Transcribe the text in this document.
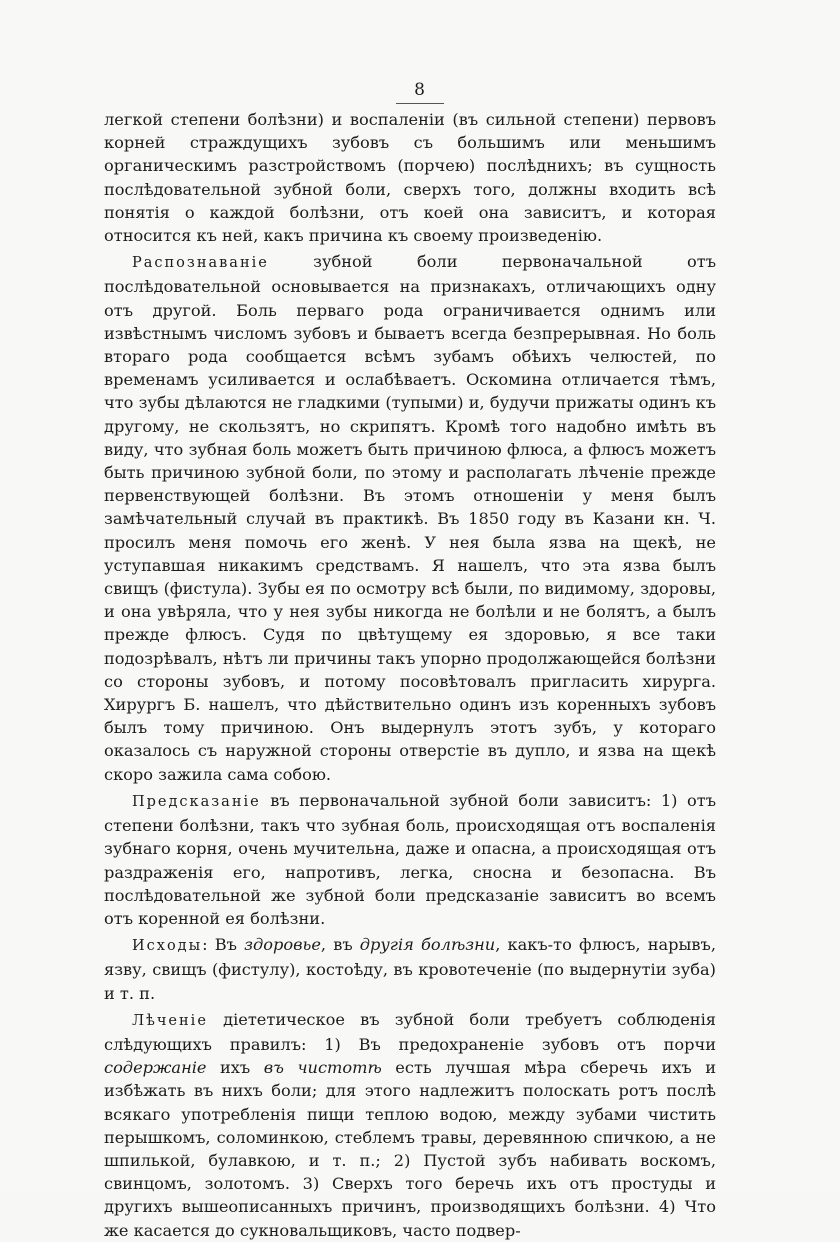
8

легкой степени болѣзни) и воспаленіи (въ сильной степени) первовъ корней страждущихъ зубовъ съ большимъ или меньшимъ органическимъ разстройствомъ (порчею) послѣднихъ; въ сущность послѣдовательной зубной боли, сверхъ того, должны входить всѣ понятія о каждой болѣзни, отъ коей она зависитъ, и которая относится къ ней, какъ причина къ своему произведенію.

Распознаваніе зубной боли первоначальной отъ послѣдовательной основывается на признакахъ, отличающихъ одну отъ другой. Боль перваго рода ограничивается однимъ или извѣстнымъ числомъ зубовъ и бываетъ всегда безпрерывная. Но боль втораго рода сообщается всѣмъ зубамъ обѣихъ челюстей, по временамъ усиливается и ослабѣваетъ. Оскомина отличается тѣмъ, что зубы дѣлаются не гладкими (тупыми) и, будучи прижаты одинъ къ другому, не скользятъ, но скрипятъ. Кромѣ того надобно имѣть въ виду, что зубная боль можетъ быть причиною флюса, а флюсъ можетъ быть причиною зубной боли, по этому и располагать лѣченіе прежде первенствующей болѣзни. Въ этомъ отношеніи у меня былъ замѣчательный случай въ практикѣ. Въ 1850 году въ Казани кн. Ч. просилъ меня помочь его женѣ. У нея была язва на щекѣ, не уступавшая никакимъ средствамъ. Я нашелъ, что эта язва былъ свищъ (фистула). Зубы ея по осмотру всѣ были, по видимому, здоровы, и она увѣряла, что у нея зубы никогда не болѣли и не болятъ, а былъ прежде флюсъ. Судя по цвѣтущему ея здоровью, я все таки подозрѣвалъ, нѣтъ ли причины такъ упорно продолжающейся болѣзни со стороны зубовъ, и потому посовѣтовалъ пригласить хирурга. Хирургъ Б. нашелъ, что дѣйствительно одинъ изъ коренныхъ зубовъ былъ тому причиною. Онъ выдернулъ этотъ зубъ, у котораго оказалось съ наружной стороны отверстіе въ дупло, и язва на щекѣ скоро зажила сама собою.

Предсказаніе въ первоначальной зубной боли зависитъ: 1) отъ степени болѣзни, такъ что зубная боль, происходящая отъ воспаленія зубнаго корня, очень мучительна, даже и опасна, а происходящая отъ раздраженія его, напротивъ, легка, сносна и безопасна. Въ послѣдовательной же зубной боли предсказаніе зависитъ во всемъ отъ коренной ея болѣзни.

Исходы: Въ здоровье, въ другія болѣзни, какъ-то флюсъ, нарывъ, язву, свищъ (фистулу), костоѣду, въ кровотеченіе (по выдернутіи зуба) и т. п.

Лѣченіе діететическое въ зубной боли требуетъ соблюденія слѣдующихъ правилъ: 1) Въ предохраненіе зубовъ отъ порчи содержаніе ихъ въ чистотѣ есть лучшая мѣра сберечь ихъ и избѣжать въ нихъ боли; для этого надлежитъ полоскать ротъ послѣ всякаго употребленія пищи теплою водою, между зубами чистить перышкомъ, соломинкою, стеблемъ травы, деревянною спичкою, а не шпилькой, булавкою, и т. п.; 2) Пустой зубъ набивать воскомъ, свинцомъ, золотомъ. 3) Сверхъ того беречь ихъ отъ простуды и другихъ вышеописанныхъ причинъ, производящихъ болѣзни. 4) Что же касается до сукновальщиковъ, часто подвер-
